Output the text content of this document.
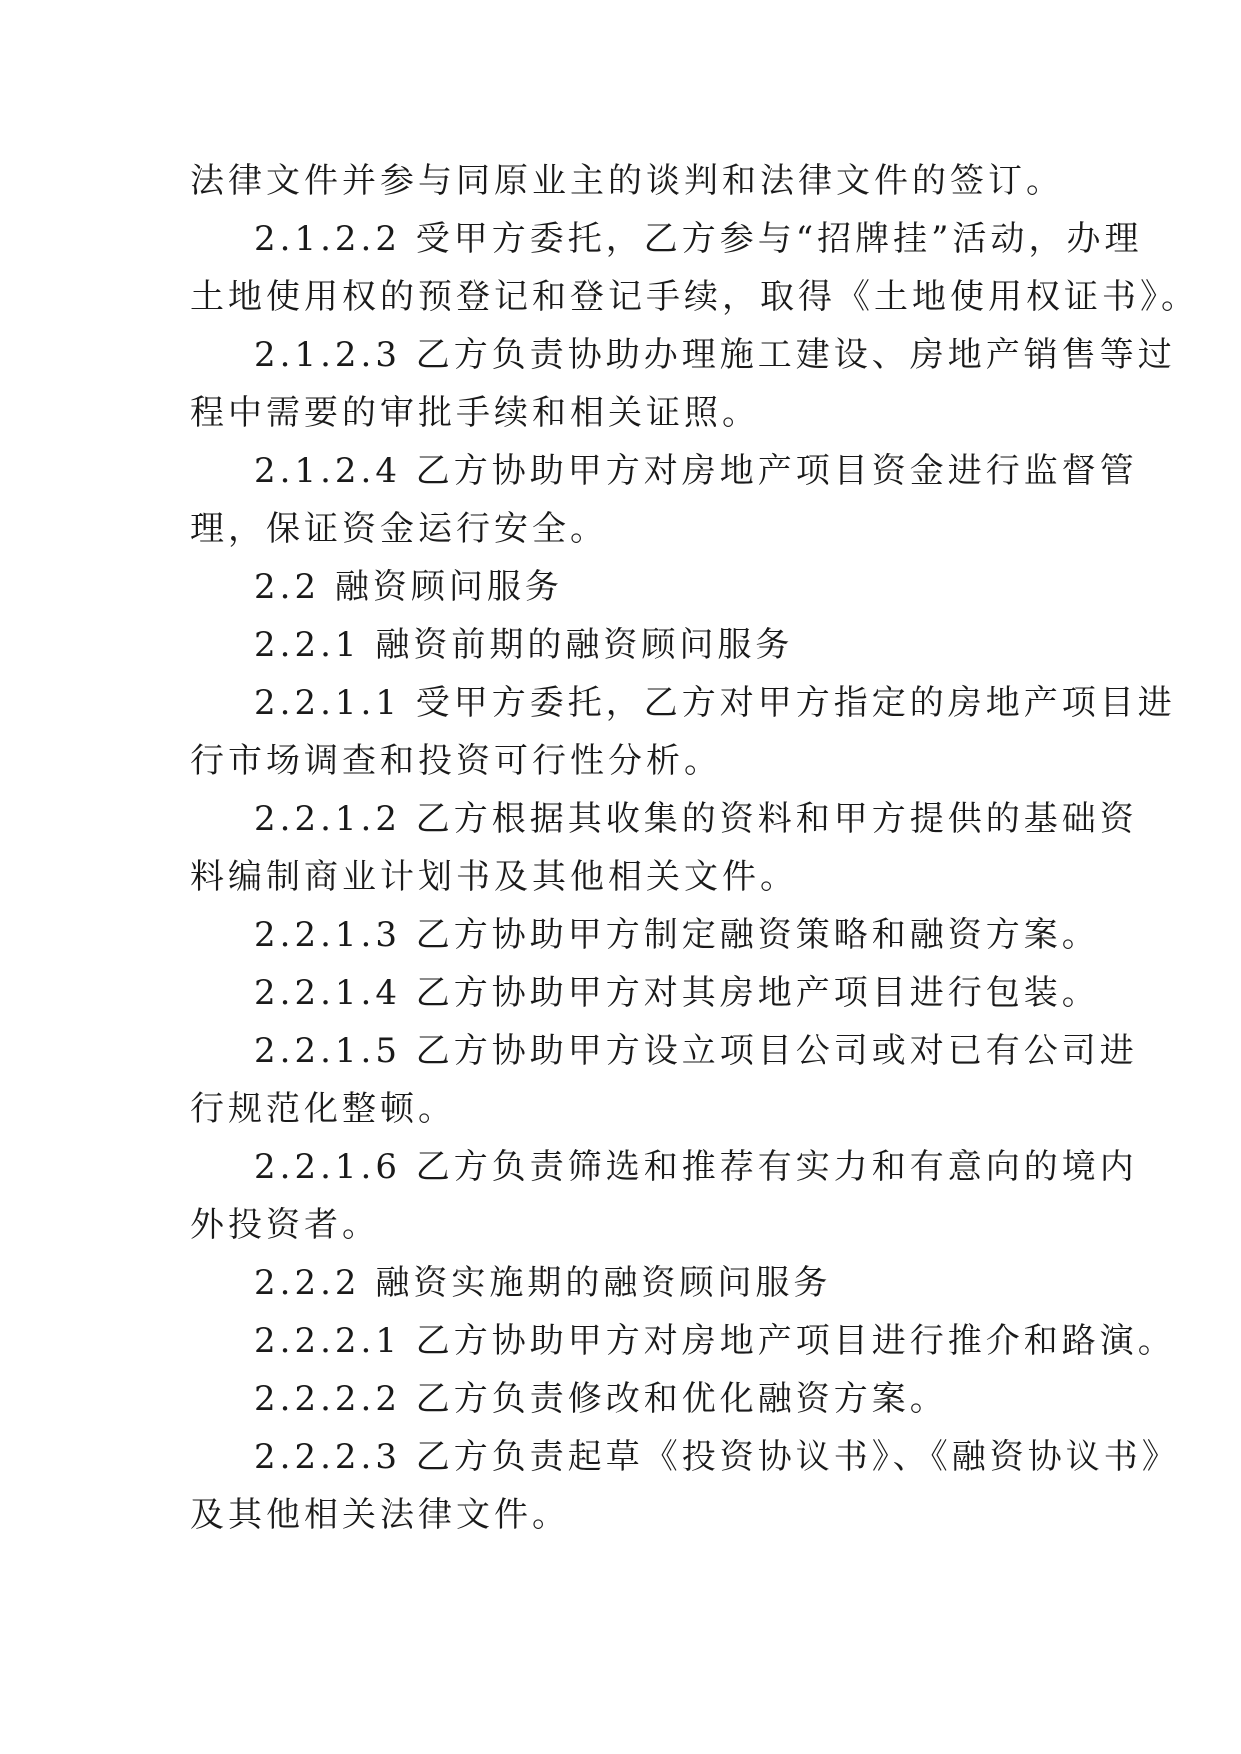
法律文件并参与同原业主的谈判和法律文件的签订。

2.1.2.2 受甲方委托，乙方参与“招牌挂”活动，办理

土地使用权的预登记和登记手续，取得《土地使用权证书》。

2.1.2.3 乙方负责协助办理施工建设、房地产销售等过

程中需要的审批手续和相关证照。

2.1.2.4 乙方协助甲方对房地产项目资金进行监督管

理，保证资金运行安全。

2.2 融资顾问服务

2.2.1 融资前期的融资顾问服务

2.2.1.1 受甲方委托，乙方对甲方指定的房地产项目进

行市场调查和投资可行性分析。

2.2.1.2 乙方根据其收集的资料和甲方提供的基础资

料编制商业计划书及其他相关文件。

2.2.1.3 乙方协助甲方制定融资策略和融资方案。

2.2.1.4 乙方协助甲方对其房地产项目进行包装。

2.2.1.5 乙方协助甲方设立项目公司或对已有公司进

行规范化整顿。

2.2.1.6 乙方负责筛选和推荐有实力和有意向的境内

外投资者。

2.2.2 融资实施期的融资顾问服务

2.2.2.1 乙方协助甲方对房地产项目进行推介和路演。

2.2.2.2 乙方负责修改和优化融资方案。

2.2.2.3 乙方负责起草《投资协议书》、《融资协议书》

及其他相关法律文件。
